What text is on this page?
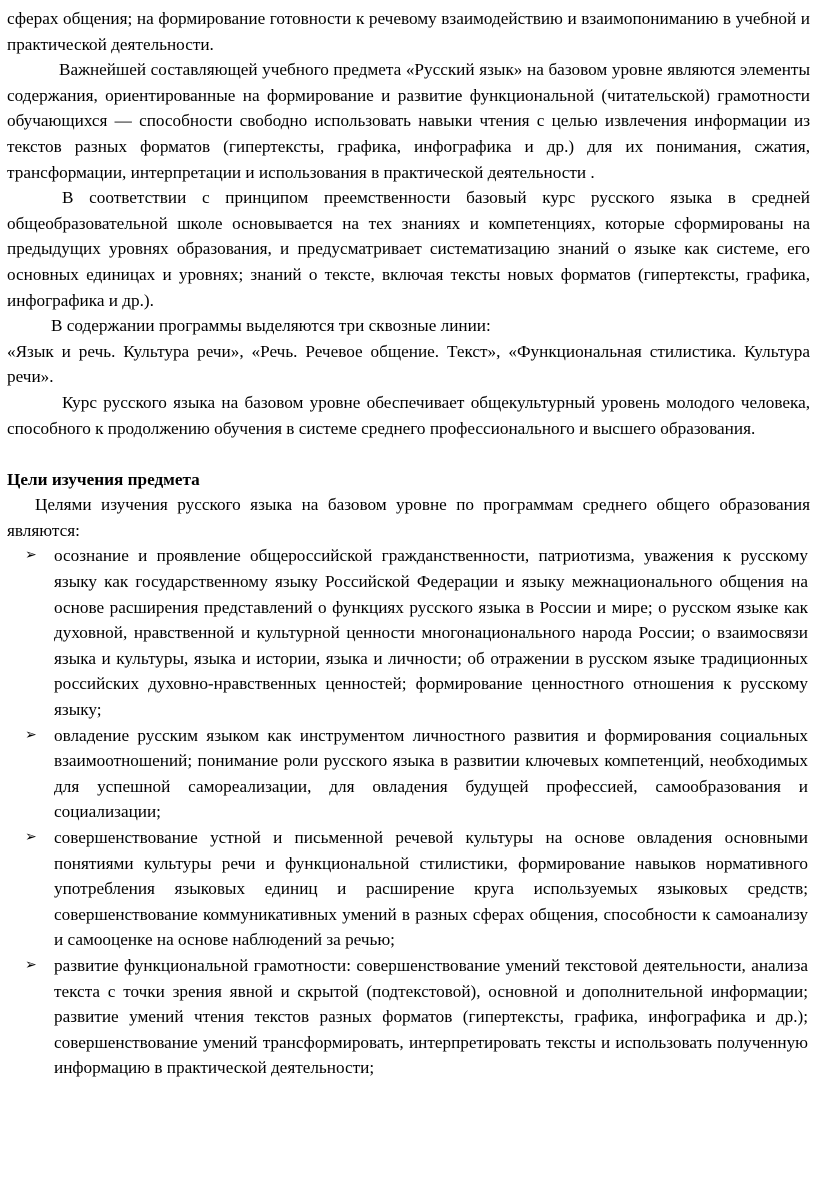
сферах общения; на формирование готовности к речевому взаимодействию и взаимопониманию в учебной и практической деятельности.

Важнейшей составляющей учебного предмета «Русский язык» на базовом уровне являются элементы содержания, ориентированные на формирование и развитие функциональной (читательской) грамотности обучающихся — способности свободно использовать навыки чтения с целью извлечения информации из текстов разных форматов (гипертексты, графика, инфографика и др.) для их понимания, сжатия, трансформации, интерпретации и использования в практической деятельности .

В соответствии с принципом преемственности базовый курс русского языка в средней общеобразовательной школе основывается на тех знаниях и компетенциях, которые сформированы на предыдущих уровнях образования, и предусматривает систематизацию знаний о языке как системе, его основных единицах и уровнях; знаний о тексте, включая тексты новых форматов (гипертексты, графика, инфографика и др.).

В содержании программы выделяются три сквозные линии:

«Язык и речь. Культура речи», «Речь. Речевое общение. Текст», «Функциональная стилистика. Культура речи».

Курс русского языка на базовом уровне обеспечивает общекультурный уровень молодого человека, способного к продолжению обучения в системе среднего профессионального и высшего образования.

Цели изучения предмета

Целями изучения русского языка на базовом уровне по программам среднего общего образования являются:

➢ осознание и проявление общероссийской гражданственности, патриотизма, уважения к русскому языку как государственному языку Российской Федерации и языку межнационального общения на основе расширения представлений о функциях русского языка в России и мире; о русском языке как духовной, нравственной и культурной ценности многонационального народа России; о взаимосвязи языка и культуры, языка и истории, языка и личности; об отражении в русском языке традиционных российских духовно-нравственных ценностей; формирование ценностного отношения к русскому языку;
➢ овладение русским языком как инструментом личностного развития и формирования социальных взаимоотношений; понимание роли русского языка в развитии ключевых компетенций, необходимых для успешной самореализации, для овладения будущей профессией, самообразования и социализации;
➢ совершенствование устной и письменной речевой культуры на основе овладения основными понятиями культуры речи и функциональной стилистики, формирование навыков нормативного употребления языковых единиц и расширение круга используемых языковых средств; совершенствование коммуникативных умений в разных сферах общения, способности к самоанализу и самооценке на основе наблюдений за речью;
➢ развитие функциональной грамотности: совершенствование умений текстовой деятельности, анализа текста с точки зрения явной и скрытой (подтекстовой), основной и дополнительной информации; развитие умений чтения текстов разных форматов (гипертексты, графика, инфографика и др.); совершенствование умений трансформировать, интерпретировать тексты и использовать полученную информацию в практической деятельности;
